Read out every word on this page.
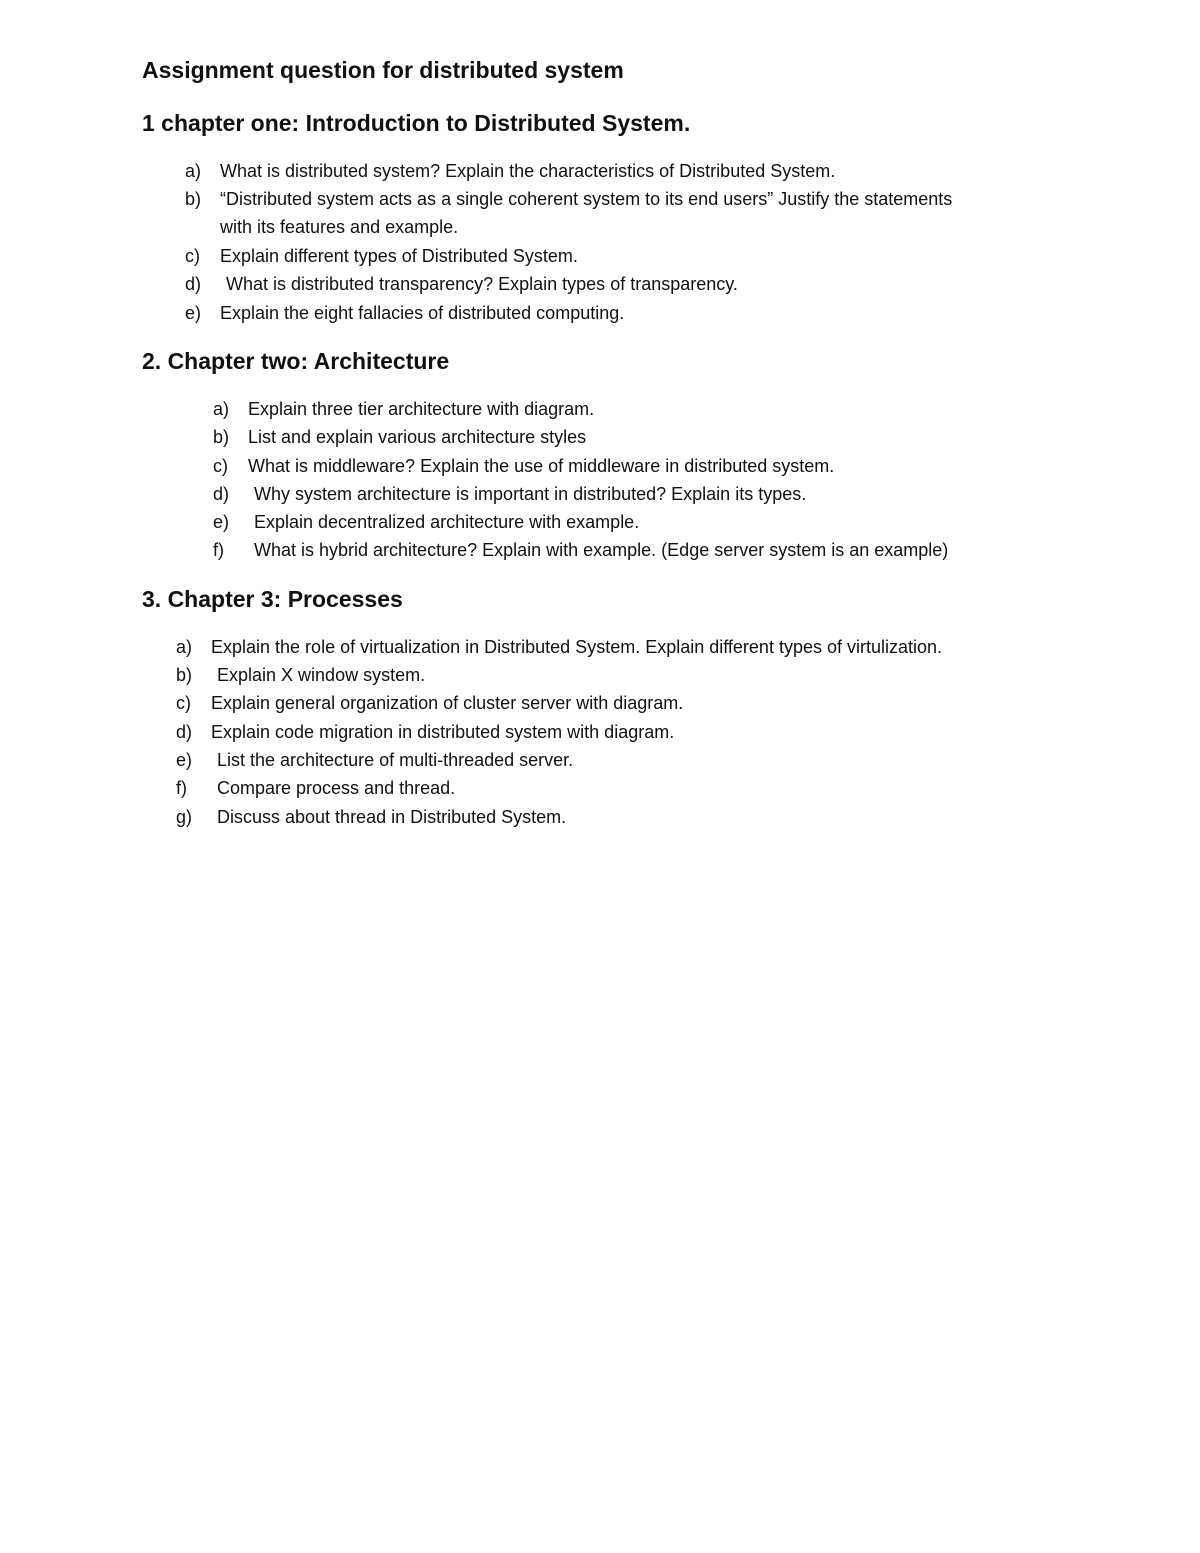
Assignment question for distributed system
1 chapter one: Introduction to Distributed System.
a) What is distributed system? Explain the characteristics of Distributed System.
b) “Distributed system acts as a single coherent system to its end users” Justify the statements
with its features and example.
c) Explain different types of Distributed System.
d) What is distributed transparency? Explain types of transparency.
e) Explain the eight fallacies of distributed computing.
2. Chapter two: Architecture
a) Explain three tier architecture with diagram.
b) List and explain various architecture styles
c) What is middleware? Explain the use of middleware in distributed system.
d) Why system architecture is important in distributed? Explain its types.
e) Explain decentralized architecture with example.
f) What is hybrid architecture? Explain with example. (Edge server system is an example)
3. Chapter 3: Processes
a) Explain the role of virtualization in Distributed System. Explain different types of virtulization.
b) Explain X window system.
c) Explain general organization of cluster server with diagram.
d) Explain code migration in distributed system with diagram.
e) List the architecture of multi-threaded server.
f) Compare process and thread.
g) Discuss about thread in Distributed System.
